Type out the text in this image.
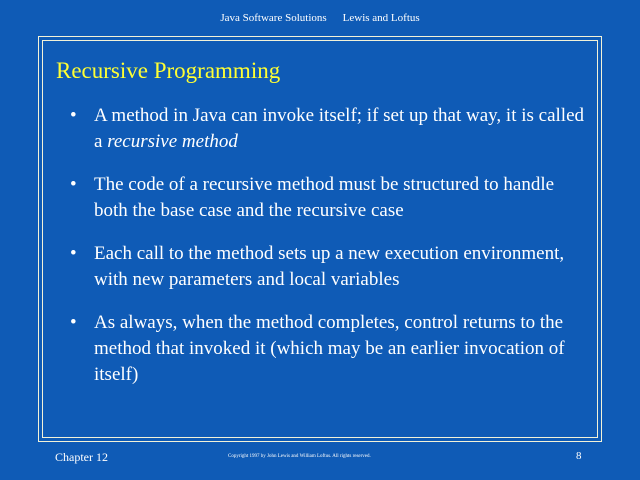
Java Software Solutions Lewis and Loftus
Recursive Programming
• A method in Java can invoke itself; if set up that way, it is called a recursive method
• The code of a recursive method must be structured to handle both the base case and the recursive case
• Each call to the method sets up a new execution environment, with new parameters and local variables
• As always, when the method completes, control returns to the method that invoked it (which may be an earlier invocation of itself)
Chapter 12	Copyright 1997 by John Lewis and William Loftus. All rights reserved.	8
